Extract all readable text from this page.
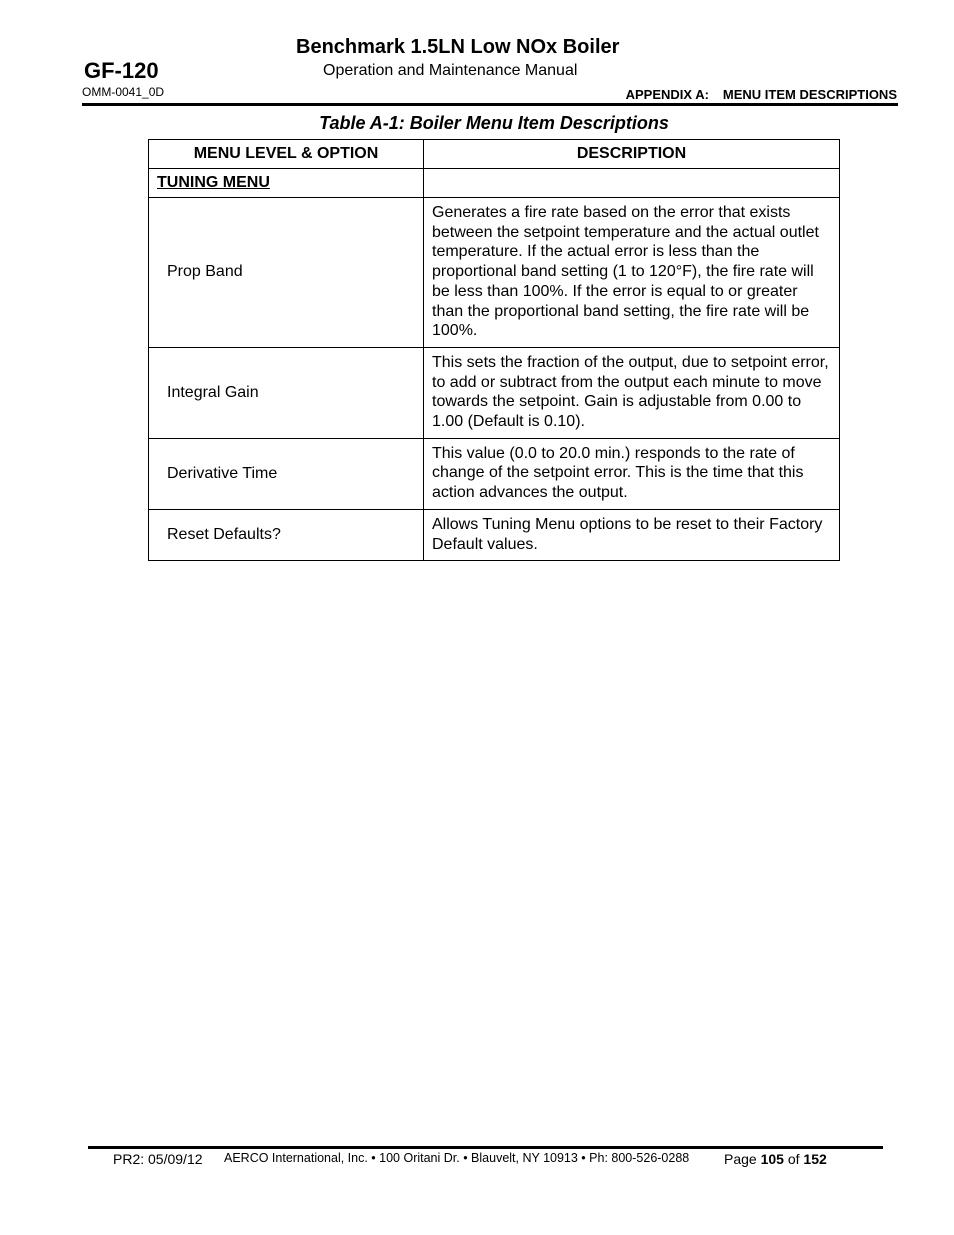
GF-120
OMM-0041_0D
Benchmark 1.5LN Low NOx Boiler
Operation and Maintenance Manual
APPENDIX A: MENU ITEM DESCRIPTIONS
Table A-1: Boiler Menu Item Descriptions
MENU LEVEL & OPTION	DESCRIPTION
TUNING MENU	
Prop Band	Generates a fire rate based on the error that exists between the setpoint temperature and the actual outlet temperature. If the actual error is less than the proportional band setting (1 to 120°F), the fire rate will be less than 100%. If the error is equal to or greater than the proportional band setting, the fire rate will be 100%.
Integral Gain	This sets the fraction of the output, due to setpoint error, to add or subtract from the output each minute to move towards the setpoint. Gain is adjustable from 0.00 to 1.00 (Default is 0.10).
Derivative Time	This value (0.0 to 20.0 min.) responds to the rate of change of the setpoint error. This is the time that this action advances the output.
Reset Defaults?	Allows Tuning Menu options to be reset to their Factory Default values.
PR2: 05/09/12 AERCO International, Inc. • 100 Oritani Dr. • Blauvelt, NY 10913 • Ph: 800-526-0288 Page 105 of 152
